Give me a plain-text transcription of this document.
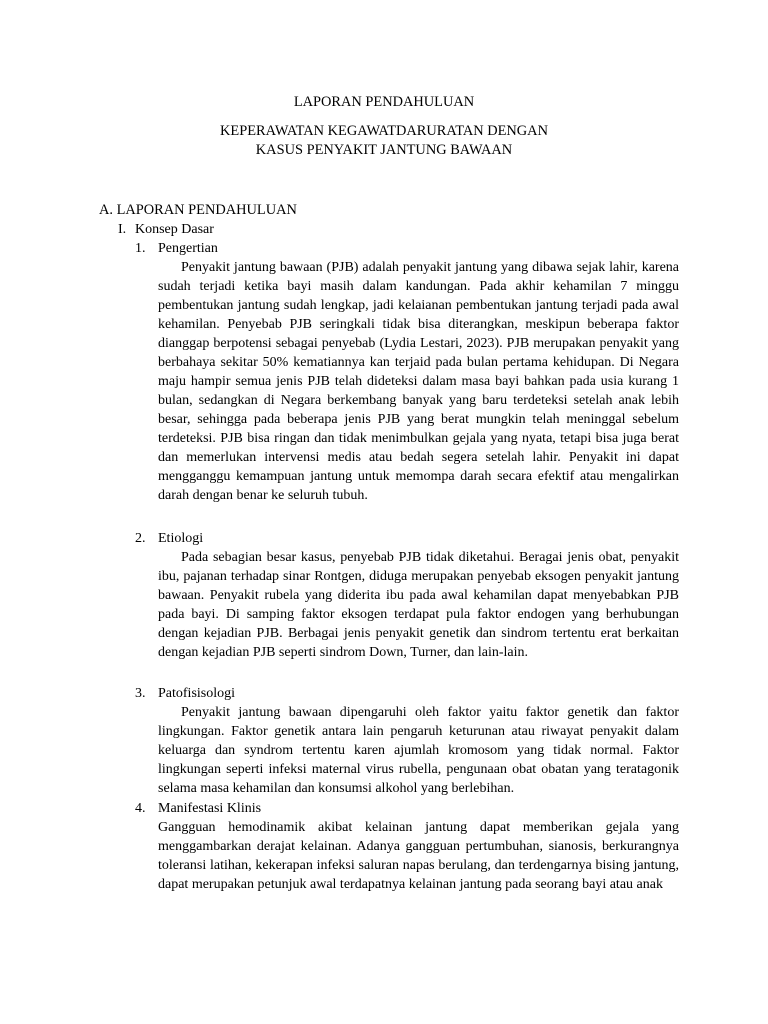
LAPORAN PENDAHULUAN
KEPERAWATAN KEGAWATDARURATAN DENGAN
KASUS PENYAKIT JANTUNG BAWAAN
A. LAPORAN PENDAHULUAN
I. Konsep Dasar
1. Pengertian
Penyakit jantung bawaan (PJB) adalah penyakit jantung yang dibawa sejak lahir, karena sudah terjadi ketika bayi masih dalam kandungan. Pada akhir kehamilan 7 minggu pembentukan jantung sudah lengkap, jadi kelaianan pembentukan jantung terjadi pada awal kehamilan. Penyebab PJB seringkali tidak bisa diterangkan, meskipun beberapa faktor dianggap berpotensi sebagai penyebab (Lydia Lestari, 2023). PJB merupakan penyakit yang berbahaya sekitar 50% kematiannya kan terjaid pada bulan pertama kehidupan. Di Negara maju hampir semua jenis PJB telah dideteksi dalam masa bayi bahkan pada usia kurang 1 bulan, sedangkan di Negara berkembang banyak yang baru terdeteksi setelah anak lebih besar, sehingga pada beberapa jenis PJB yang berat mungkin telah meninggal sebelum terdeteksi. PJB bisa ringan dan tidak menimbulkan gejala yang nyata, tetapi bisa juga berat dan memerlukan intervensi medis atau bedah segera setelah lahir. Penyakit ini dapat mengganggu kemampuan jantung untuk memompa darah secara efektif atau mengalirkan darah dengan benar ke seluruh tubuh.
2. Etiologi
Pada sebagian besar kasus, penyebab PJB tidak diketahui. Beragai jenis obat, penyakit ibu, pajanan terhadap sinar Rontgen, diduga merupakan penyebab eksogen penyakit jantung bawaan. Penyakit rubela yang diderita ibu pada awal kehamilan dapat menyebabkan PJB pada bayi. Di samping faktor eksogen terdapat pula faktor endogen yang berhubungan dengan kejadian PJB. Berbagai jenis penyakit genetik dan sindrom tertentu erat berkaitan dengan kejadian PJB seperti sindrom Down, Turner, dan lain-lain.
3. Patofisisologi
Penyakit jantung bawaan dipengaruhi oleh faktor yaitu faktor genetik dan faktor lingkungan. Faktor genetik antara lain pengaruh keturunan atau riwayat penyakit dalam keluarga dan syndrom tertentu karen ajumlah kromosom yang tidak normal. Faktor lingkungan seperti infeksi maternal virus rubella, pengunaan obat obatan yang teratagonik selama masa kehamilan dan konsumsi alkohol yang berlebihan.
4. Manifestasi Klinis
Gangguan hemodinamik akibat kelainan jantung dapat memberikan gejala yang menggambarkan derajat kelainan. Adanya gangguan pertumbuhan, sianosis, berkurangnya toleransi latihan, kekerapan infeksi saluran napas berulang, dan terdengarnya bising jantung, dapat merupakan petunjuk awal terdapatnya kelainan jantung pada seorang bayi atau anak
